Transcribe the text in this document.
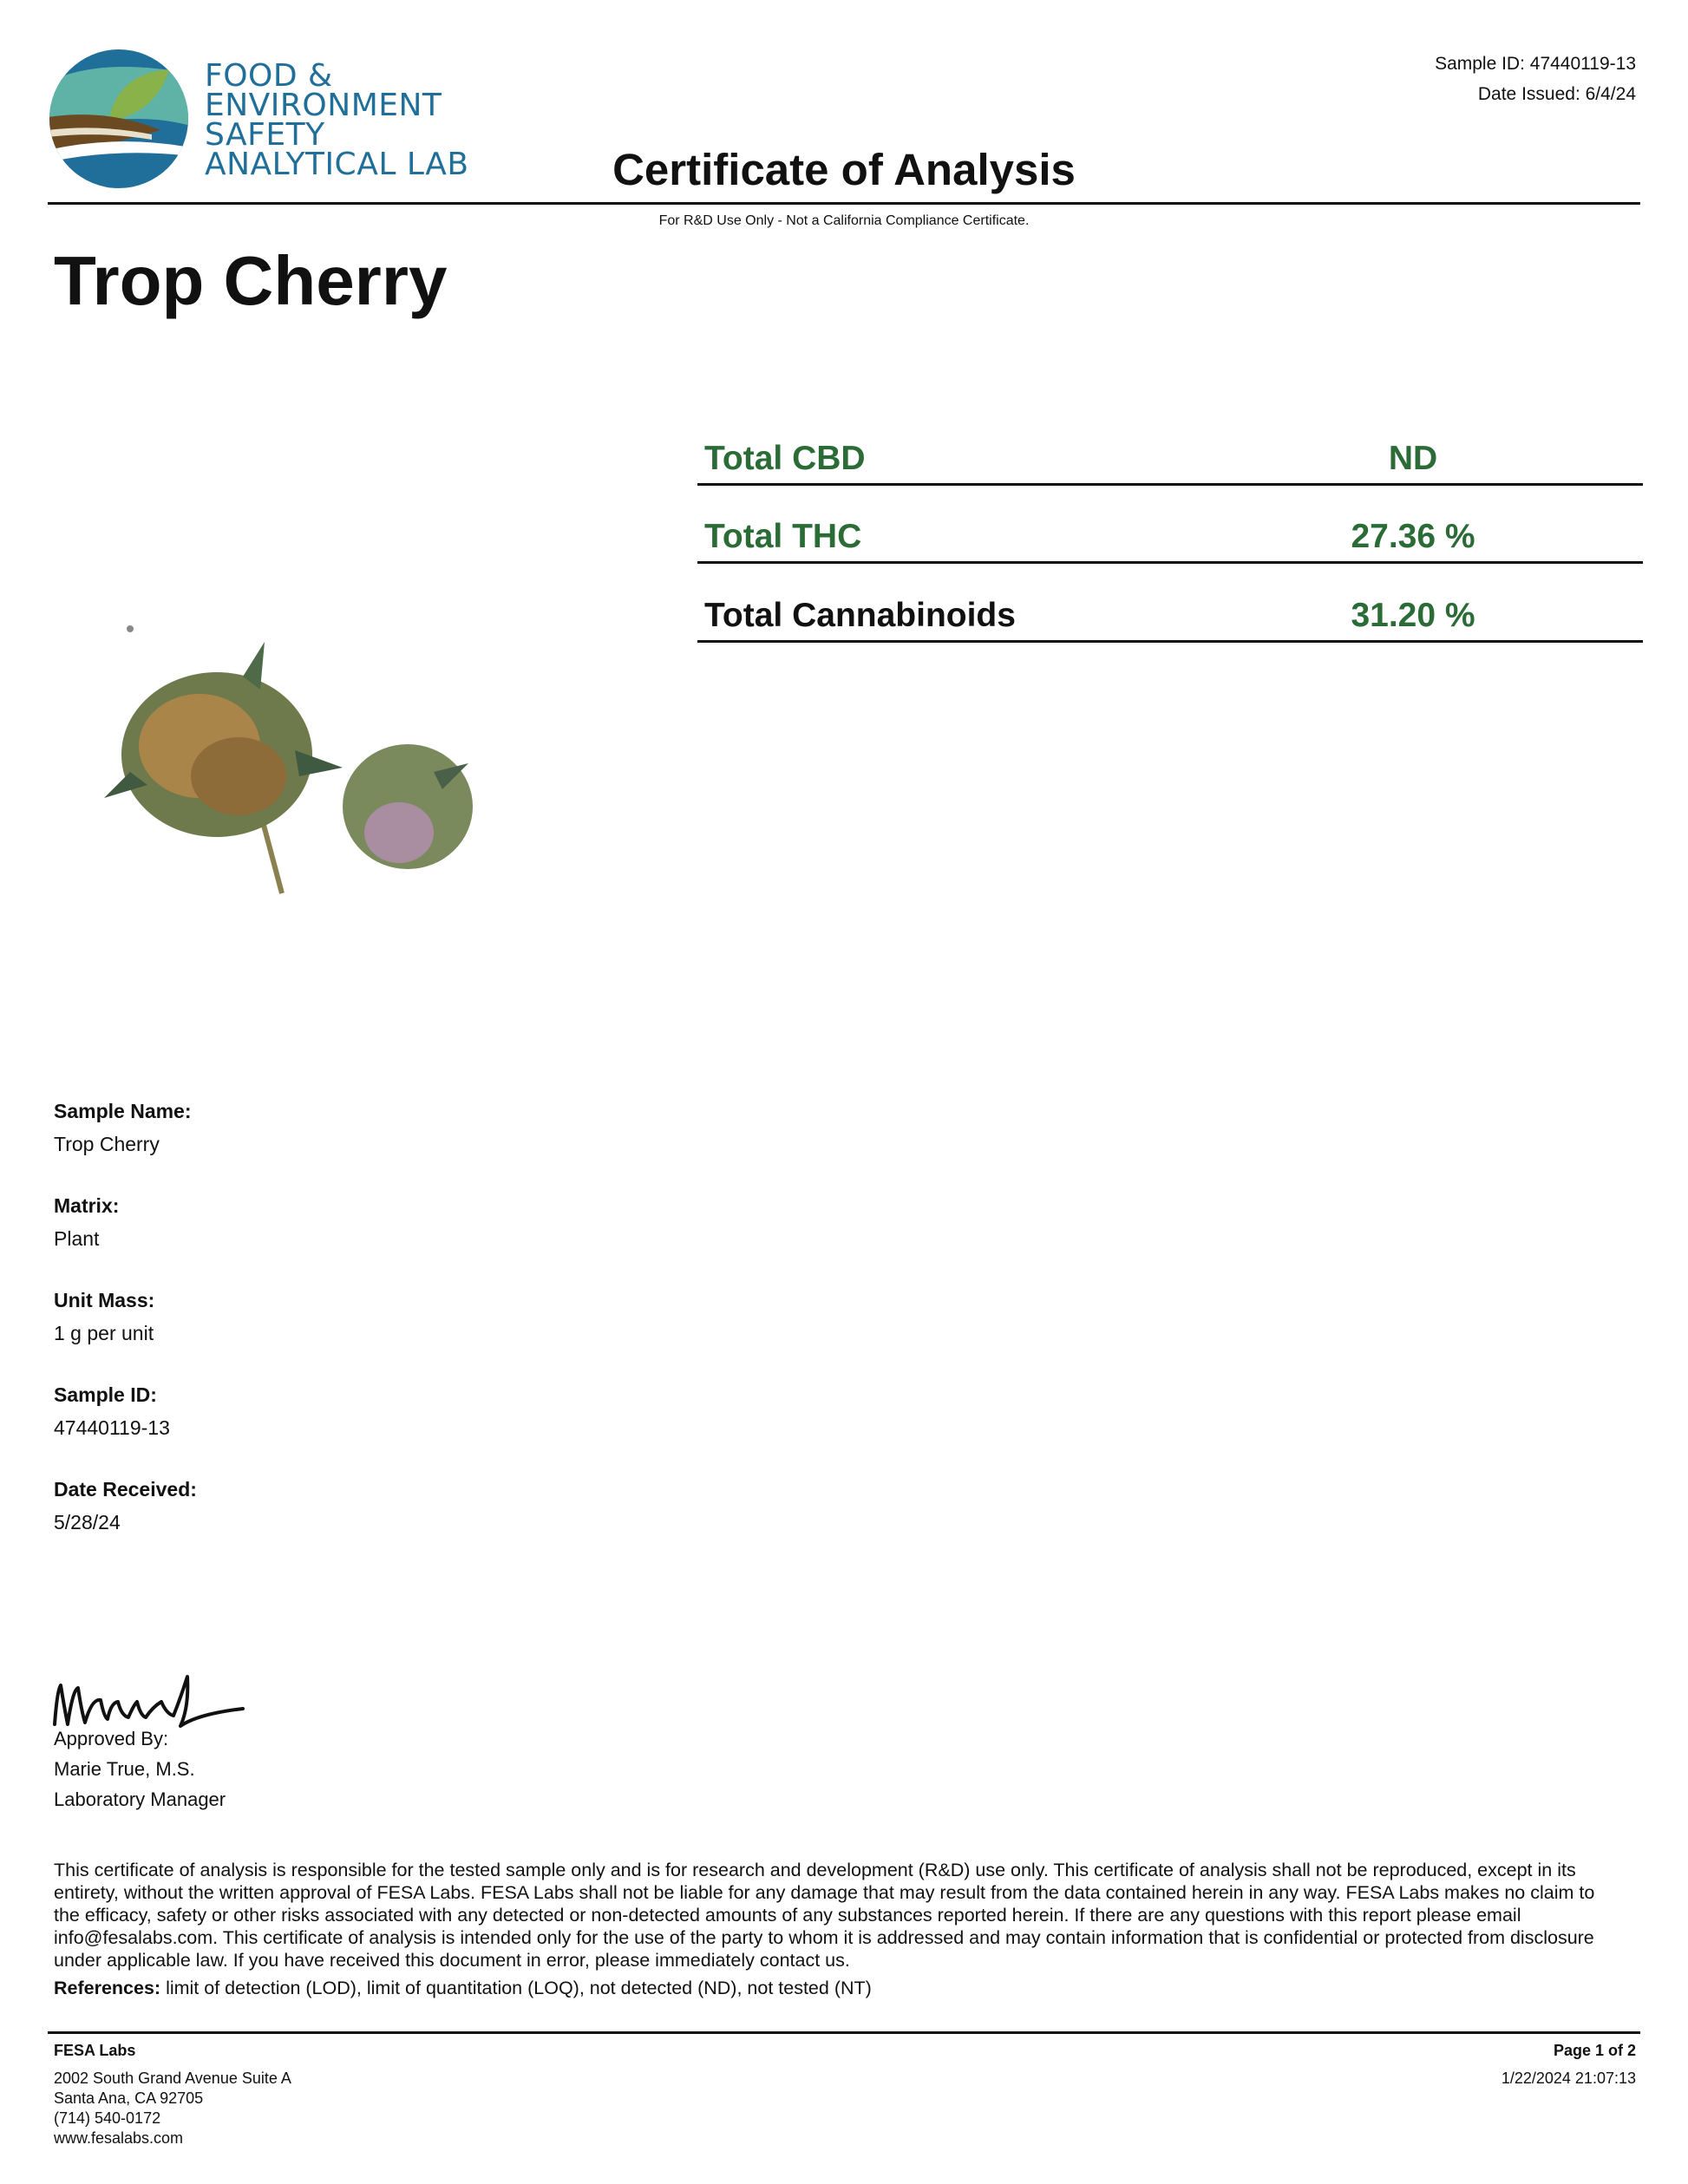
FOOD &
ENVIRONMENT
SAFETY
ANALYTICAL LAB
Sample ID: 47440119-13
Date Issued: 6/4/24
Certificate of Analysis
For R&D Use Only - Not a California Compliance Certificate.
Trop Cherry
Total CBD	ND
Total THC	27.36 %
Total Cannabinoids	31.20 %
Sample Name:
Trop Cherry
Matrix:
Plant
Unit Mass:
1 g per unit
Sample ID:
47440119-13
Date Received:
5/28/24
Approved By:
Marie True, M.S.
Laboratory Manager
This certificate of analysis is responsible for the tested sample only and is for research and development (R&D) use only. This certificate of analysis shall not be reproduced, except in its entirety, without the written approval of FESA Labs. FESA Labs shall not be liable for any damage that may result from the data contained herein in any way. FESA Labs makes no claim to the efficacy, safety or other risks associated with any detected or non-detected amounts of any substances reported herein. If there are any questions with this report please email info@fesalabs.com. This certificate of analysis is intended only for the use of the party to whom it is addressed and may contain information that is confidential or protected from disclosure under applicable law. If you have received this document in error, please immediately contact us.
References: limit of detection (LOD), limit of quantitation (LOQ), not detected (ND), not tested (NT)
FESA Labs
2002 South Grand Avenue Suite A
Santa Ana, CA 92705
(714) 540-0172
www.fesalabs.com
Page 1 of 2
1/22/2024 21:07:13
